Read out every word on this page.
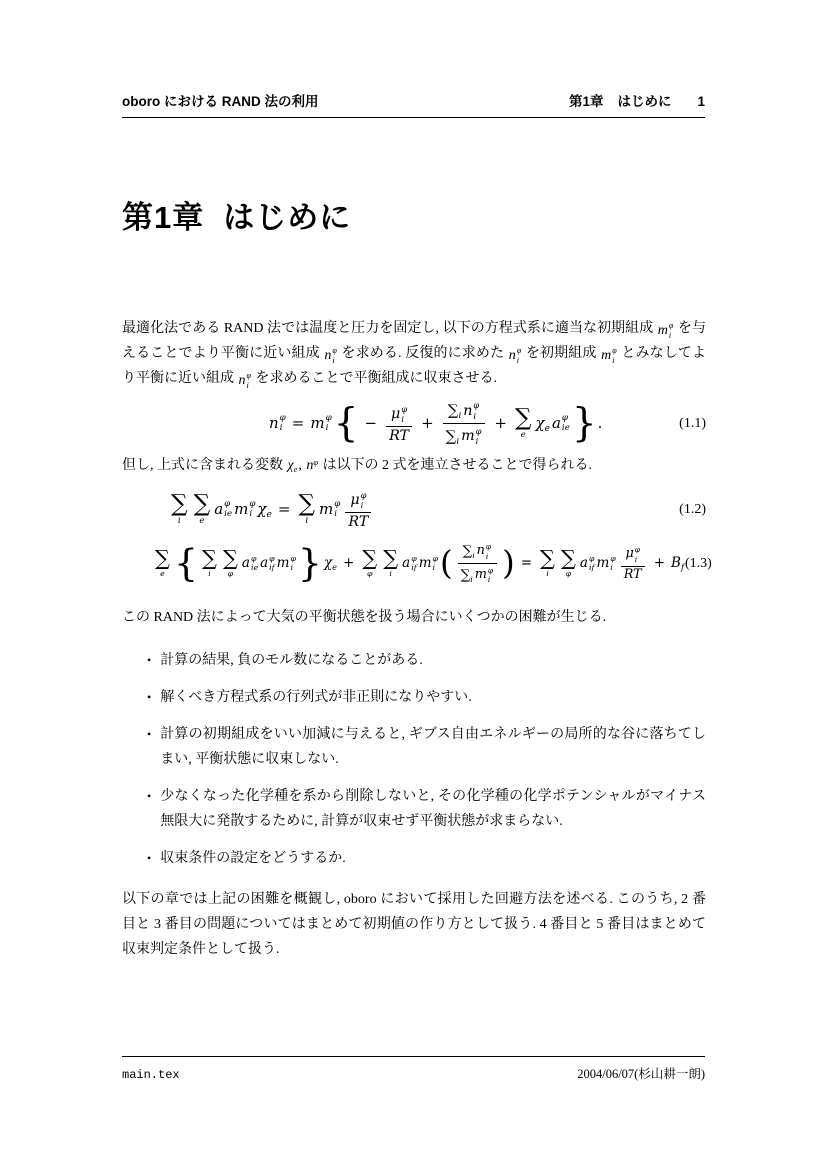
oboro における RAND 法の利用	第1章 はじめに 1
第1章 はじめに

最適化法である RAND 法では温度と圧力を固定し, 以下の方程式系に適当な初期組成 m φ
i を与えることでより平衡に近い組成 n φ
i を求める. 反復的に求めた n φ
i を初期組成 m φ
i とみなしてより平衡に近い組成 n φ
i を求めることで平衡組成に収束させる.

n φ
i = m φ
i { −
μ φ
i
RT
+
∑ i n φ
i
∑ i m φ
i
+ ∑
e
χ e a φ
ie } .	(1.1)

但し, 上式に含まれる変数 χ e , n φ は以下の 2 式を連立させることで得られる.

∑
i
∑
e
a φ
ie m φ
i χ e = ∑
i
m φ
i
μ φ
i
RT
(1.2)
∑
e { ∑
i
∑
φ
a φ
ie a φ
if m φ
i } χ e + ∑
φ
∑
i
a φ
if m φ
i ( ∑ i n φ
i
∑ i m φ
i ) = ∑
i
∑
φ
a φ
if m φ
i
μ φ
i
RT
+ B f (1.3)

この RAND 法によって大気の平衡状態を扱う場合にいくつかの困難が生じる.

• 計算の結果, 負のモル数になることがある.
• 解くべき方程式系の行列式が非正則になりやすい.
• 計算の初期組成をいい加減に与えると, ギブス自由エネルギーの局所的な谷に落ちてしまい, 平衡状態に収束しない.
• 少なくなった化学種を系から削除しないと, その化学種の化学ポテンシャルがマイナス無限大に発散するために, 計算が収束せず平衡状態が求まらない.
• 収束条件の設定をどうするか.

以下の章では上記の困難を概観し, oboro において採用した回避方法を述べる. このうち, 2 番目と 3 番目の問題についてはまとめて初期値の作り方として扱う. 4 番目と 5 番目はまとめて収束判定条件として扱う.

main.tex	2004/06/07(杉山耕一朗)
